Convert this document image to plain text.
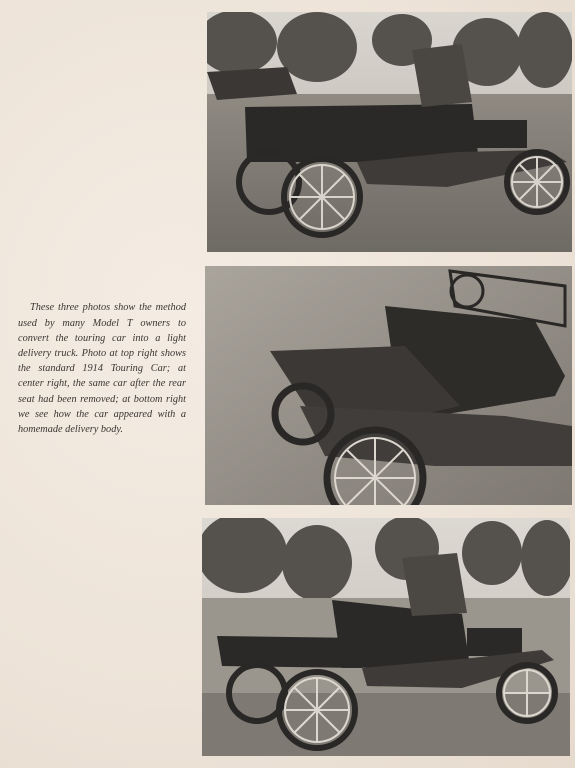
These three photos show the method used by many Model T owners to convert the touring car into a light delivery truck. Photo at top right shows the standard 1914 Touring Car; at center right, the same car after the rear seat had been removed; at bottom right we see how the car appeared with a homemade delivery body.
